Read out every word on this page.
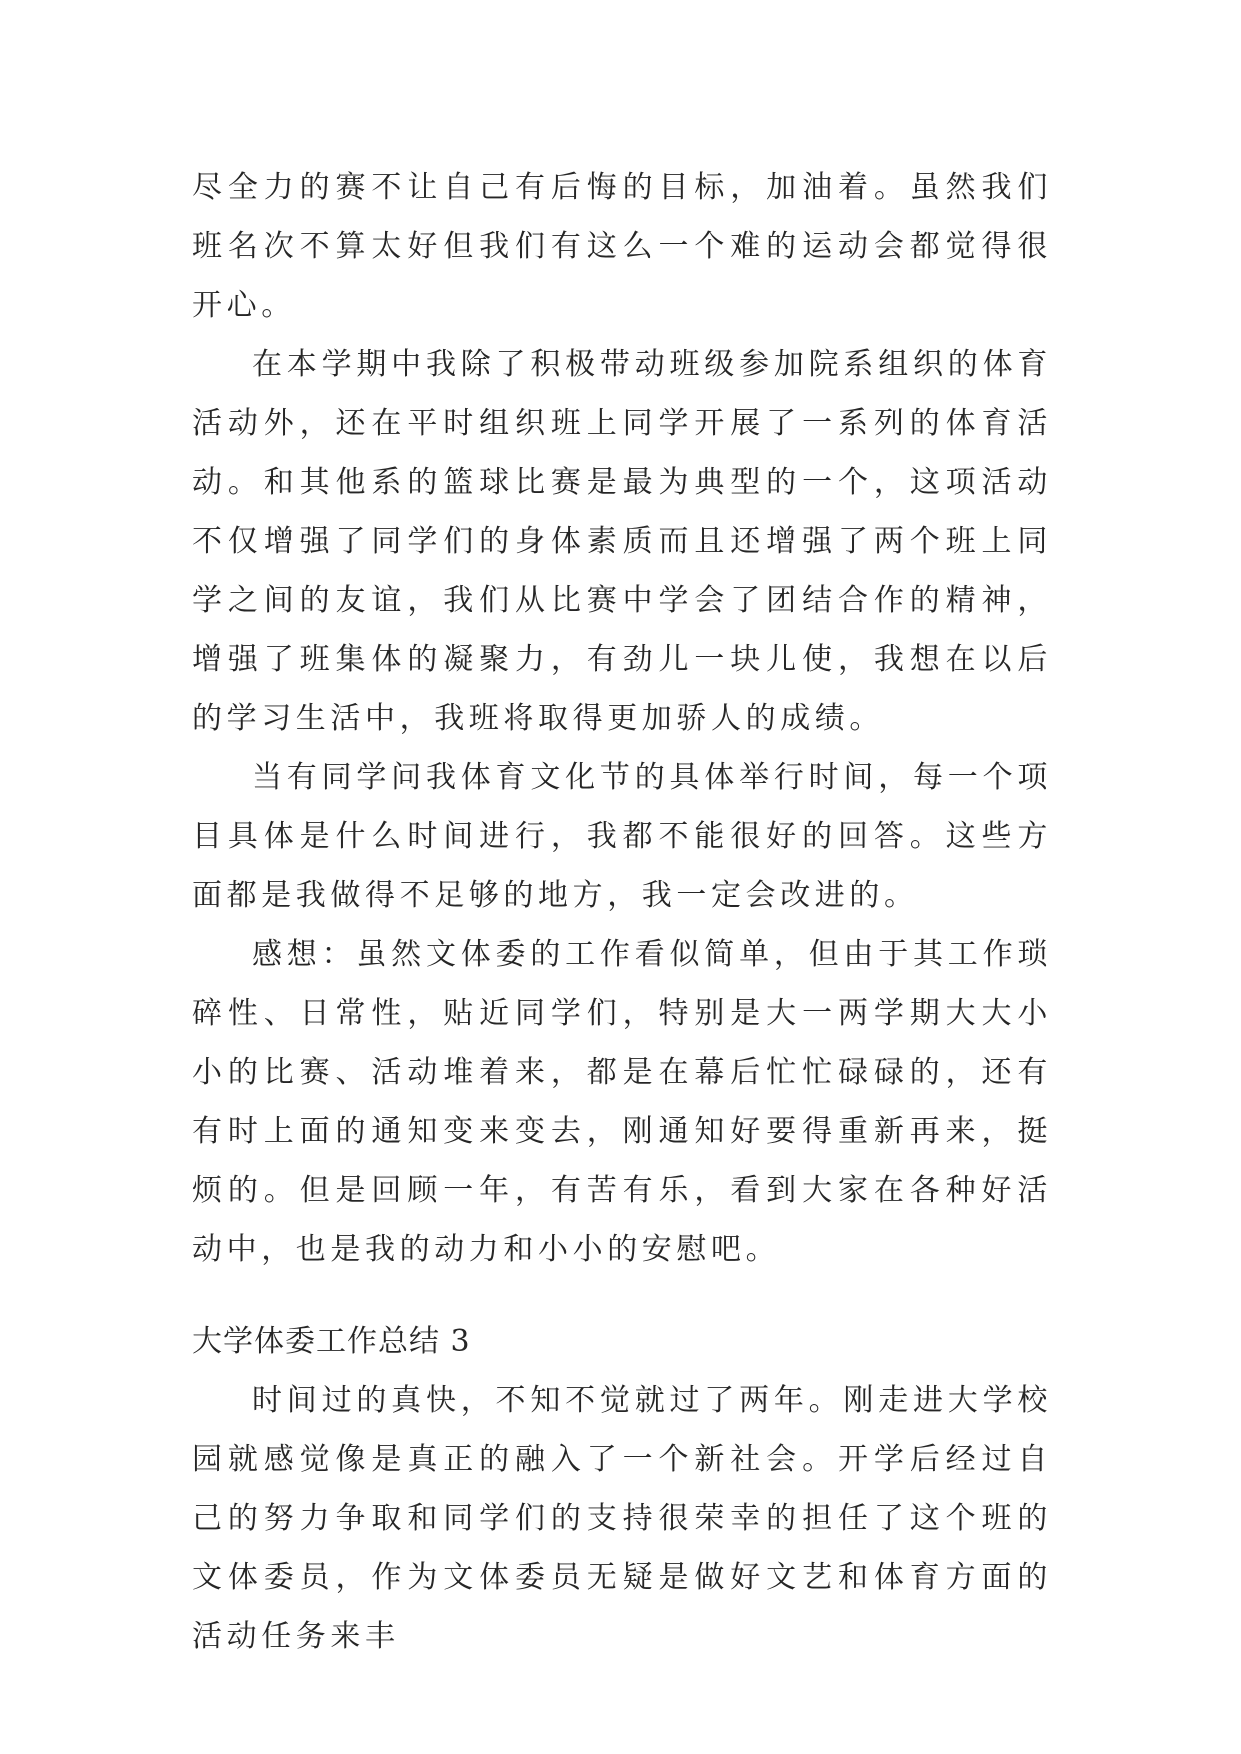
尽全力的赛不让自己有后悔的目标，加油着。虽然我们班名次不算太好但我们有这么一个难的运动会都觉得很开心。

在本学期中我除了积极带动班级参加院系组织的体育活动外，还在平时组织班上同学开展了一系列的体育活动。和其他系的篮球比赛是最为典型的一个，这项活动不仅增强了同学们的身体素质而且还增强了两个班上同学之间的友谊，我们从比赛中学会了团结合作的精神，增强了班集体的凝聚力，有劲儿一块儿使，我想在以后的学习生活中，我班将取得更加骄人的成绩。

当有同学问我体育文化节的具体举行时间，每一个项目具体是什么时间进行，我都不能很好的回答。这些方面都是我做得不足够的地方，我一定会改进的。

感想：虽然文体委的工作看似简单，但由于其工作琐碎性、日常性，贴近同学们，特别是大一两学期大大小小的比赛、活动堆着来，都是在幕后忙忙碌碌的，还有有时上面的通知变来变去，刚通知好要得重新再来，挺烦的。但是回顾一年，有苦有乐，看到大家在各种好活动中，也是我的动力和小小的安慰吧。

大学体委工作总结 3

时间过的真快，不知不觉就过了两年。刚走进大学校园就感觉像是真正的融入了一个新社会。开学后经过自己的努力争取和同学们的支持很荣幸的担任了这个班的文体委员，作为文体委员无疑是做好文艺和体育方面的活动任务来丰
